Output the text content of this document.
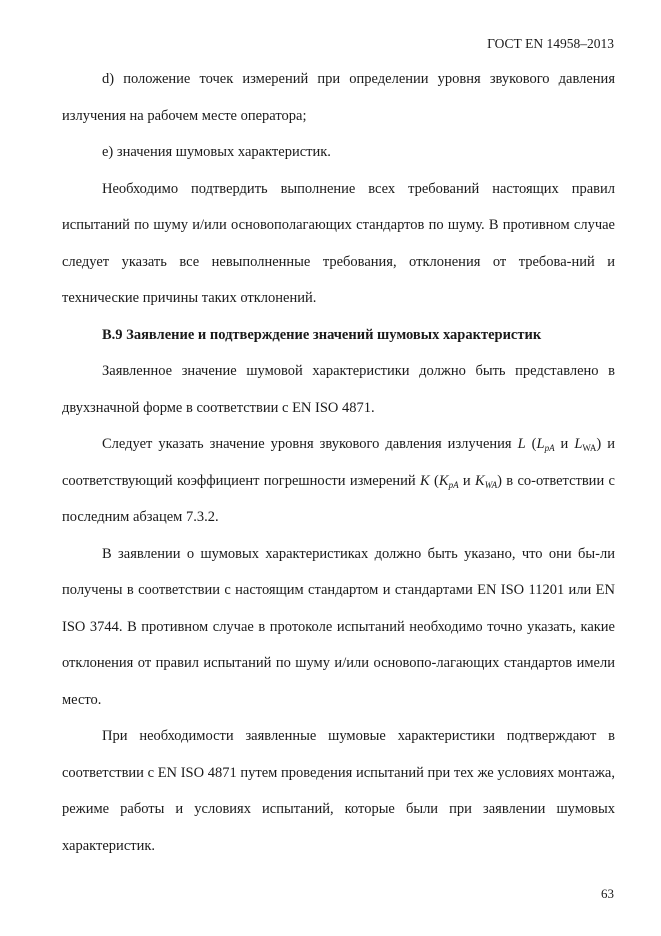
ГОСТ EN 14958–2013

d) положение точек измерений при определении уровня звукового давления излучения на рабочем месте оператора;

е) значения шумовых характеристик.

Необходимо подтвердить выполнение всех требований настоящих правил испытаний по шуму и/или основополагающих стандартов по шуму. В противном случае следует указать все невыполненные требования, отклонения от требова-ний и технические причины таких отклонений.

В.9 Заявление и подтверждение значений шумовых характеристик

Заявленное значение шумовой характеристики должно быть представлено в двухзначной форме в соответствии с EN ISO 4871.

Следует указать значение уровня звукового давления излучения L ($L_{pA}$ и $L_{WA}$) и соответствующий коэффициент погрешности измерений K ($K_{pA}$ и $K_{WA}$) в со-ответствии с последним абзацем 7.3.2.

В заявлении о шумовых характеристиках должно быть указано, что они бы-ли получены в соответствии с настоящим стандартом и стандартами EN ISO 11201 или EN ISO 3744. В противном случае в протоколе испытаний необходимо точно указать, какие отклонения от правил испытаний по шуму и/или основопо-лагающих стандартов имели место.

При необходимости заявленные шумовые характеристики подтверждают в соответствии с EN ISO 4871 путем проведения испытаний при тех же условиях монтажа, режиме работы и условиях испытаний, которые были при заявлении шумовых характеристик.

63
